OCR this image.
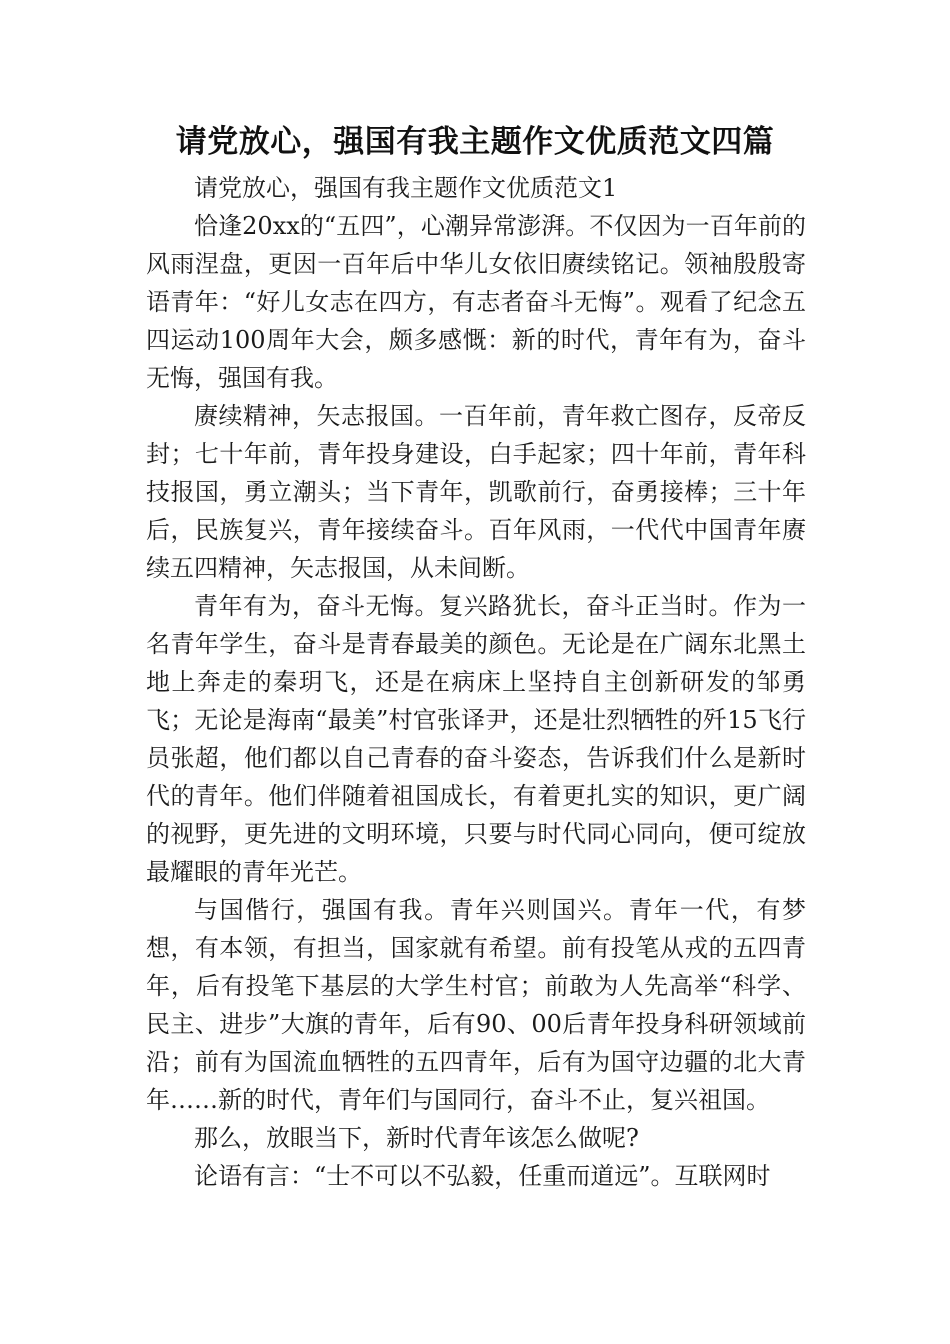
请党放心，强国有我主题作文优质范文四篇

请党放心，强国有我主题作文优质范文1

恰逢20xx的“五四”，心潮异常澎湃。不仅因为一百年前的风雨涅盘，更因一百年后中华儿女依旧赓续铭记。领袖殷殷寄语青年：“好儿女志在四方，有志者奋斗无悔”。观看了纪念五四运动100周年大会，颇多感慨：新的时代，青年有为，奋斗无悔，强国有我。

赓续精神，矢志报国。一百年前，青年救亡图存，反帝反封；七十年前，青年投身建设，白手起家；四十年前，青年科技报国，勇立潮头；当下青年，凯歌前行，奋勇接棒；三十年后，民族复兴，青年接续奋斗。百年风雨，一代代中国青年赓续五四精神，矢志报国，从未间断。

青年有为，奋斗无悔。复兴路犹长，奋斗正当时。作为一名青年学生，奋斗是青春最美的颜色。无论是在广阔东北黑土地上奔走的秦玥飞，还是在病床上坚持自主创新研发的邹勇飞；无论是海南“最美”村官张译尹，还是壮烈牺牲的歼15飞行员张超，他们都以自己青春的奋斗姿态，告诉我们什么是新时代的青年。他们伴随着祖国成长，有着更扎实的知识，更广阔的视野，更先进的文明环境，只要与时代同心同向，便可绽放最耀眼的青年光芒。

与国偕行，强国有我。青年兴则国兴。青年一代，有梦想，有本领，有担当，国家就有希望。前有投笔从戎的五四青年，后有投笔下基层的大学生村官；前敢为人先高举“科学、民主、进步”大旗的青年，后有90、00后青年投身科研领域前沿；前有为国流血牺牲的五四青年，后有为国守边疆的北大青年……新的时代，青年们与国同行，奋斗不止，复兴祖国。

那么，放眼当下，新时代青年该怎么做呢?

论语有言：“士不可以不弘毅，任重而道远”。互联网时
